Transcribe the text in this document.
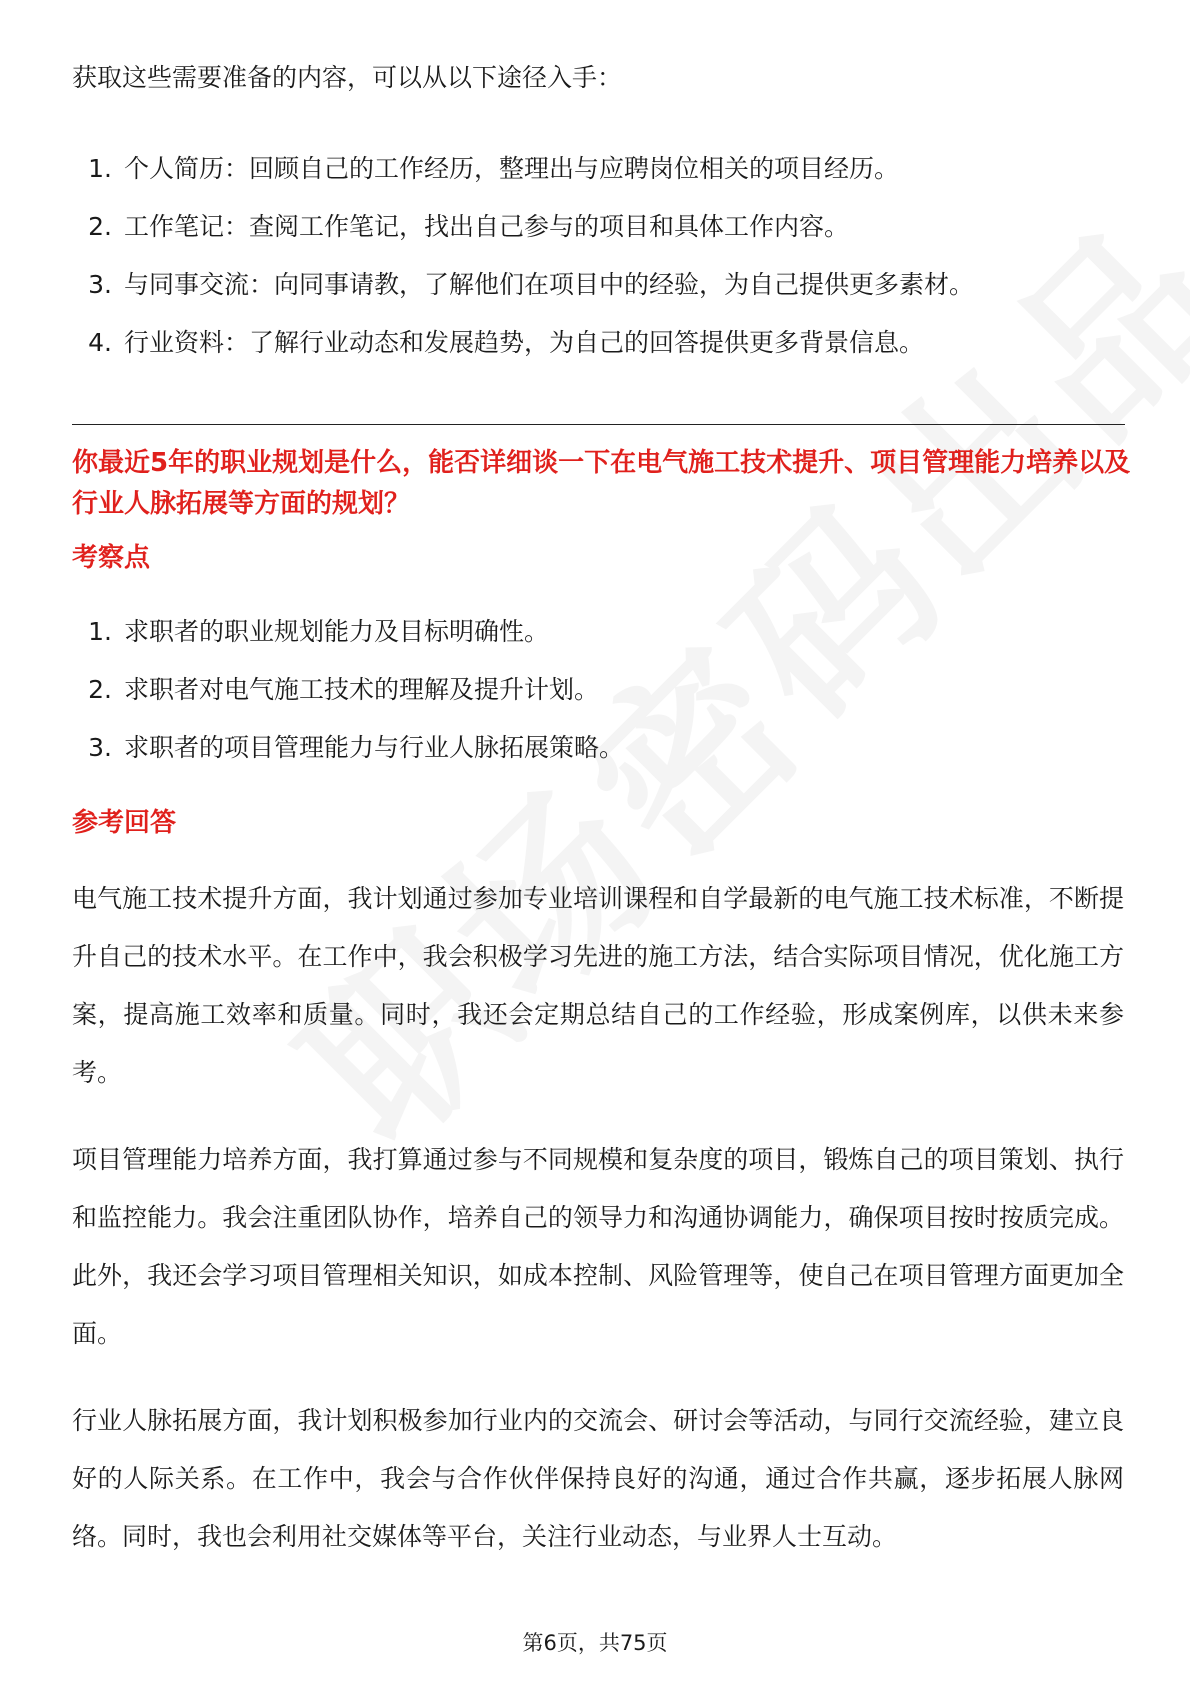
获取这些需要准备的内容，可以从以下途径入手：

1. 个人简历：回顾自己的工作经历，整理出与应聘岗位相关的项目经历。
2. 工作笔记：查阅工作笔记，找出自己参与的项目和具体工作内容。
3. 与同事交流：向同事请教，了解他们在项目中的经验，为自己提供更多素材。
4. 行业资料：了解行业动态和发展趋势，为自己的回答提供更多背景信息。
你最近5年的职业规划是什么，能否详细谈一下在电气施工技术提升、项目管理能力培养以及行业人脉拓展等方面的规划？
考察点
1. 求职者的职业规划能力及目标明确性。
2. 求职者对电气施工技术的理解及提升计划。
3. 求职者的项目管理能力与行业人脉拓展策略。
参考回答

电气施工技术提升方面，我计划通过参加专业培训课程和自学最新的电气施工技术标准，不断提升自己的技术水平。在工作中，我会积极学习先进的施工方法，结合实际项目情况，优化施工方案，提高施工效率和质量。同时，我还会定期总结自己的工作经验，形成案例库，以供未来参考。

项目管理能力培养方面，我打算通过参与不同规模和复杂度的项目，锻炼自己的项目策划、执行和监控能力。我会注重团队协作，培养自己的领导力和沟通协调能力，确保项目按时按质完成。此外，我还会学习项目管理相关知识，如成本控制、风险管理等，使自己在项目管理方面更加全面。

行业人脉拓展方面，我计划积极参加行业内的交流会、研讨会等活动，与同行交流经验，建立良好的人际关系。在工作中，我会与合作伙伴保持良好的沟通，通过合作共赢，逐步拓展人脉网络。同时，我也会利用社交媒体等平台，关注行业动态，与业界人士互动。

第6页，共75页
